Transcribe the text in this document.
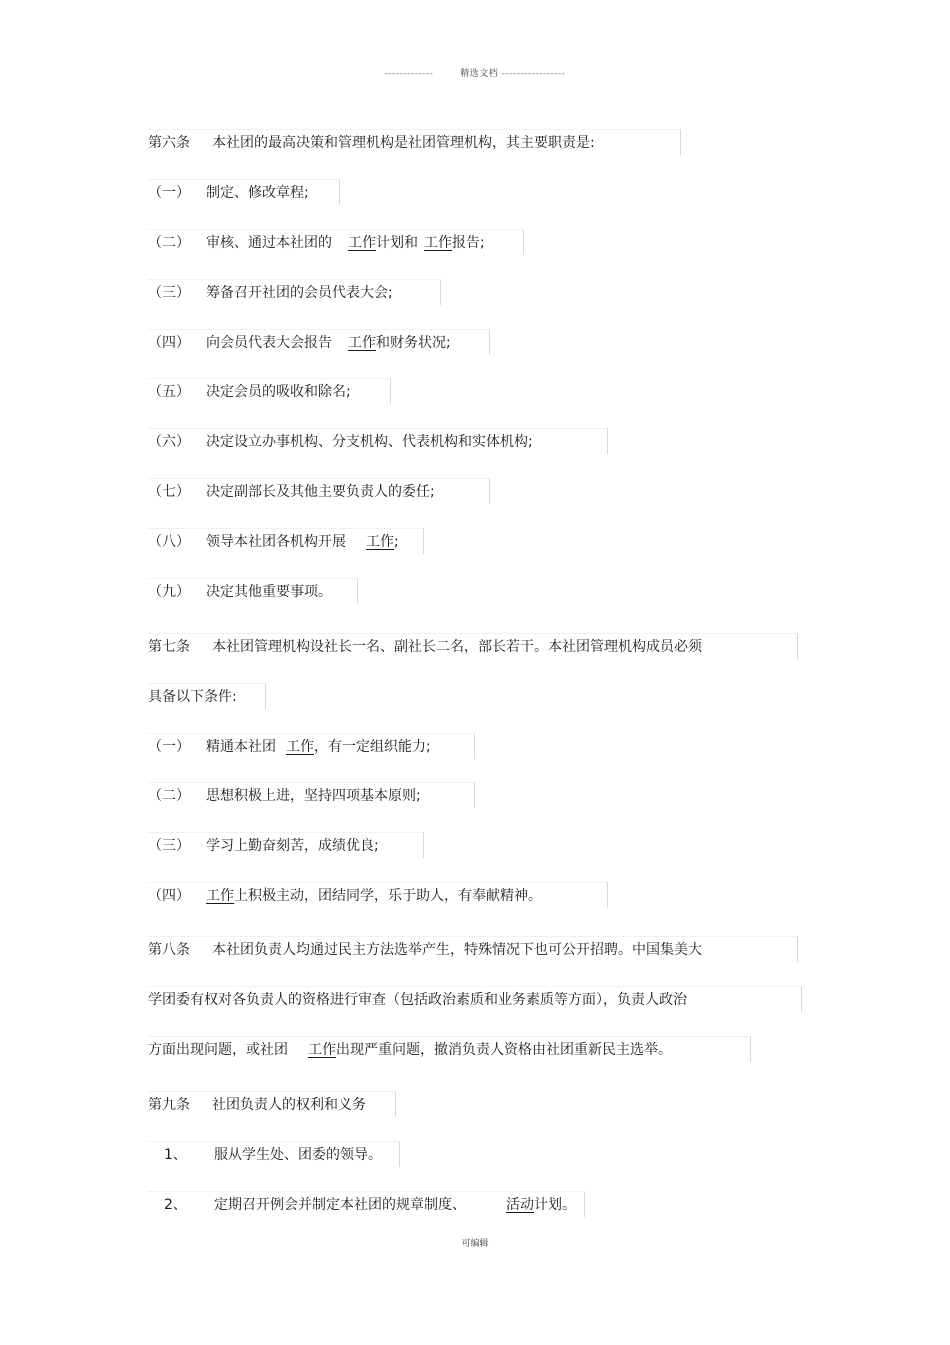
-------------	精选文档 -----------------
第六条 本社团的最高决策和管理机构是社团管理机构，其主要职责是:
（一） 制定、修改章程;
（二） 审核、通过本社团的 工作计划和 工作报告;
（三） 筹备召开社团的会员代表大会;
（四） 向会员代表大会报告 工作和财务状况;
（五） 决定会员的吸收和除名;
（六） 决定设立办事机构、分支机构、代表机构和实体机构;
（七） 决定副部长及其他主要负责人的委任;
（八） 领导本社团各机构开展 工作;
（九） 决定其他重要事项。
第七条 本社团管理机构设社长一名、副社长二名，部长若干。本社团管理机构成员必须
具备以下条件:
（一） 精通本社团 工作，有一定组织能力;
（二） 思想积极上进，坚持四项基本原则;
（三） 学习上勤奋刻苦，成绩优良;
（四） 工作上积极主动，团结同学，乐于助人，有奉献精神。
第八条 本社团负责人均通过民主方法选举产生，特殊情况下也可公开招聘。中国集美大
学团委有权对各负责人的资格进行审查（包括政治素质和业务素质等方面），负责人政治
方面出现问题，或社团 工作出现严重问题，撤消负责人资格由社团重新民主选举。
第九条 社团负责人的权利和义务
1、 服从学生处、团委的领导。
2、 定期召开例会并制定本社团的规章制度、	活动计划。
可编辑
